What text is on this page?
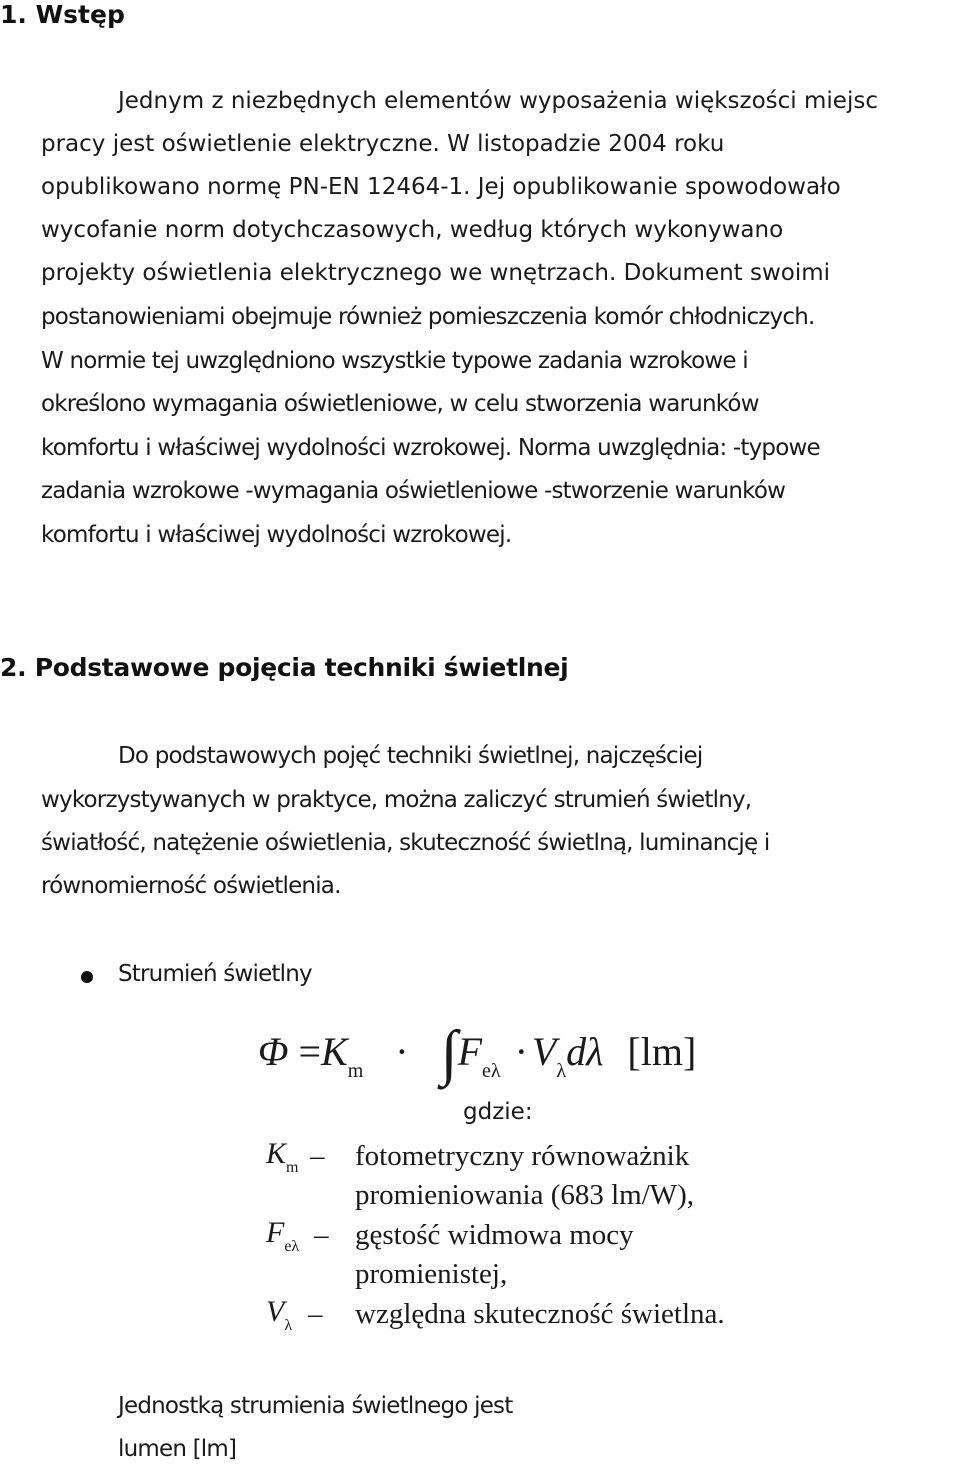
1. Wstęp
Jednym z niezbędnych elementów wyposażenia większości miejsc
pracy jest oświetlenie elektryczne. W listopadzie 2004 roku
opublikowano normę PN-EN 12464-1. Jej opublikowanie spowodowało
wycofanie norm dotychczasowych, według których wykonywano
projekty oświetlenia elektrycznego we wnętrzach. Dokument swoimi
postanowieniami obejmuje również pomieszczenia komór chłodniczych.
W normie tej uwzględniono wszystkie typowe zadania wzrokowe i
określono wymagania oświetleniowe, w celu stworzenia warunków
komfortu i właściwej wydolności wzrokowej. Norma uwzględnia: -typowe
zadania wzrokowe -wymagania oświetleniowe -stworzenie warunków
komfortu i właściwej wydolności wzrokowej.
2. Podstawowe pojęcia techniki świetlnej
Do podstawowych pojęć techniki świetlnej, najczęściej
wykorzystywanych w praktyce, można zaliczyć strumień świetlny,
światłość, natężenie oświetlenia, skuteczność świetlną, luminancję i
równomierność oświetlenia.
Strumień świetlny
$\Phi =K_m \cdot \int F_{e\lambda} \cdot V_\lambda d\lambda$ [lm]
gdzie:
$K_m$ – fotometryczny równoważnik
promieniowania (683 lm/W),
$F_{e\lambda}$ – gęstość widmowa mocy
promienistej,
$V_\lambda$ – względna skuteczność świetlna.
Jednostką strumienia świetlnego jest
lumen [lm]
